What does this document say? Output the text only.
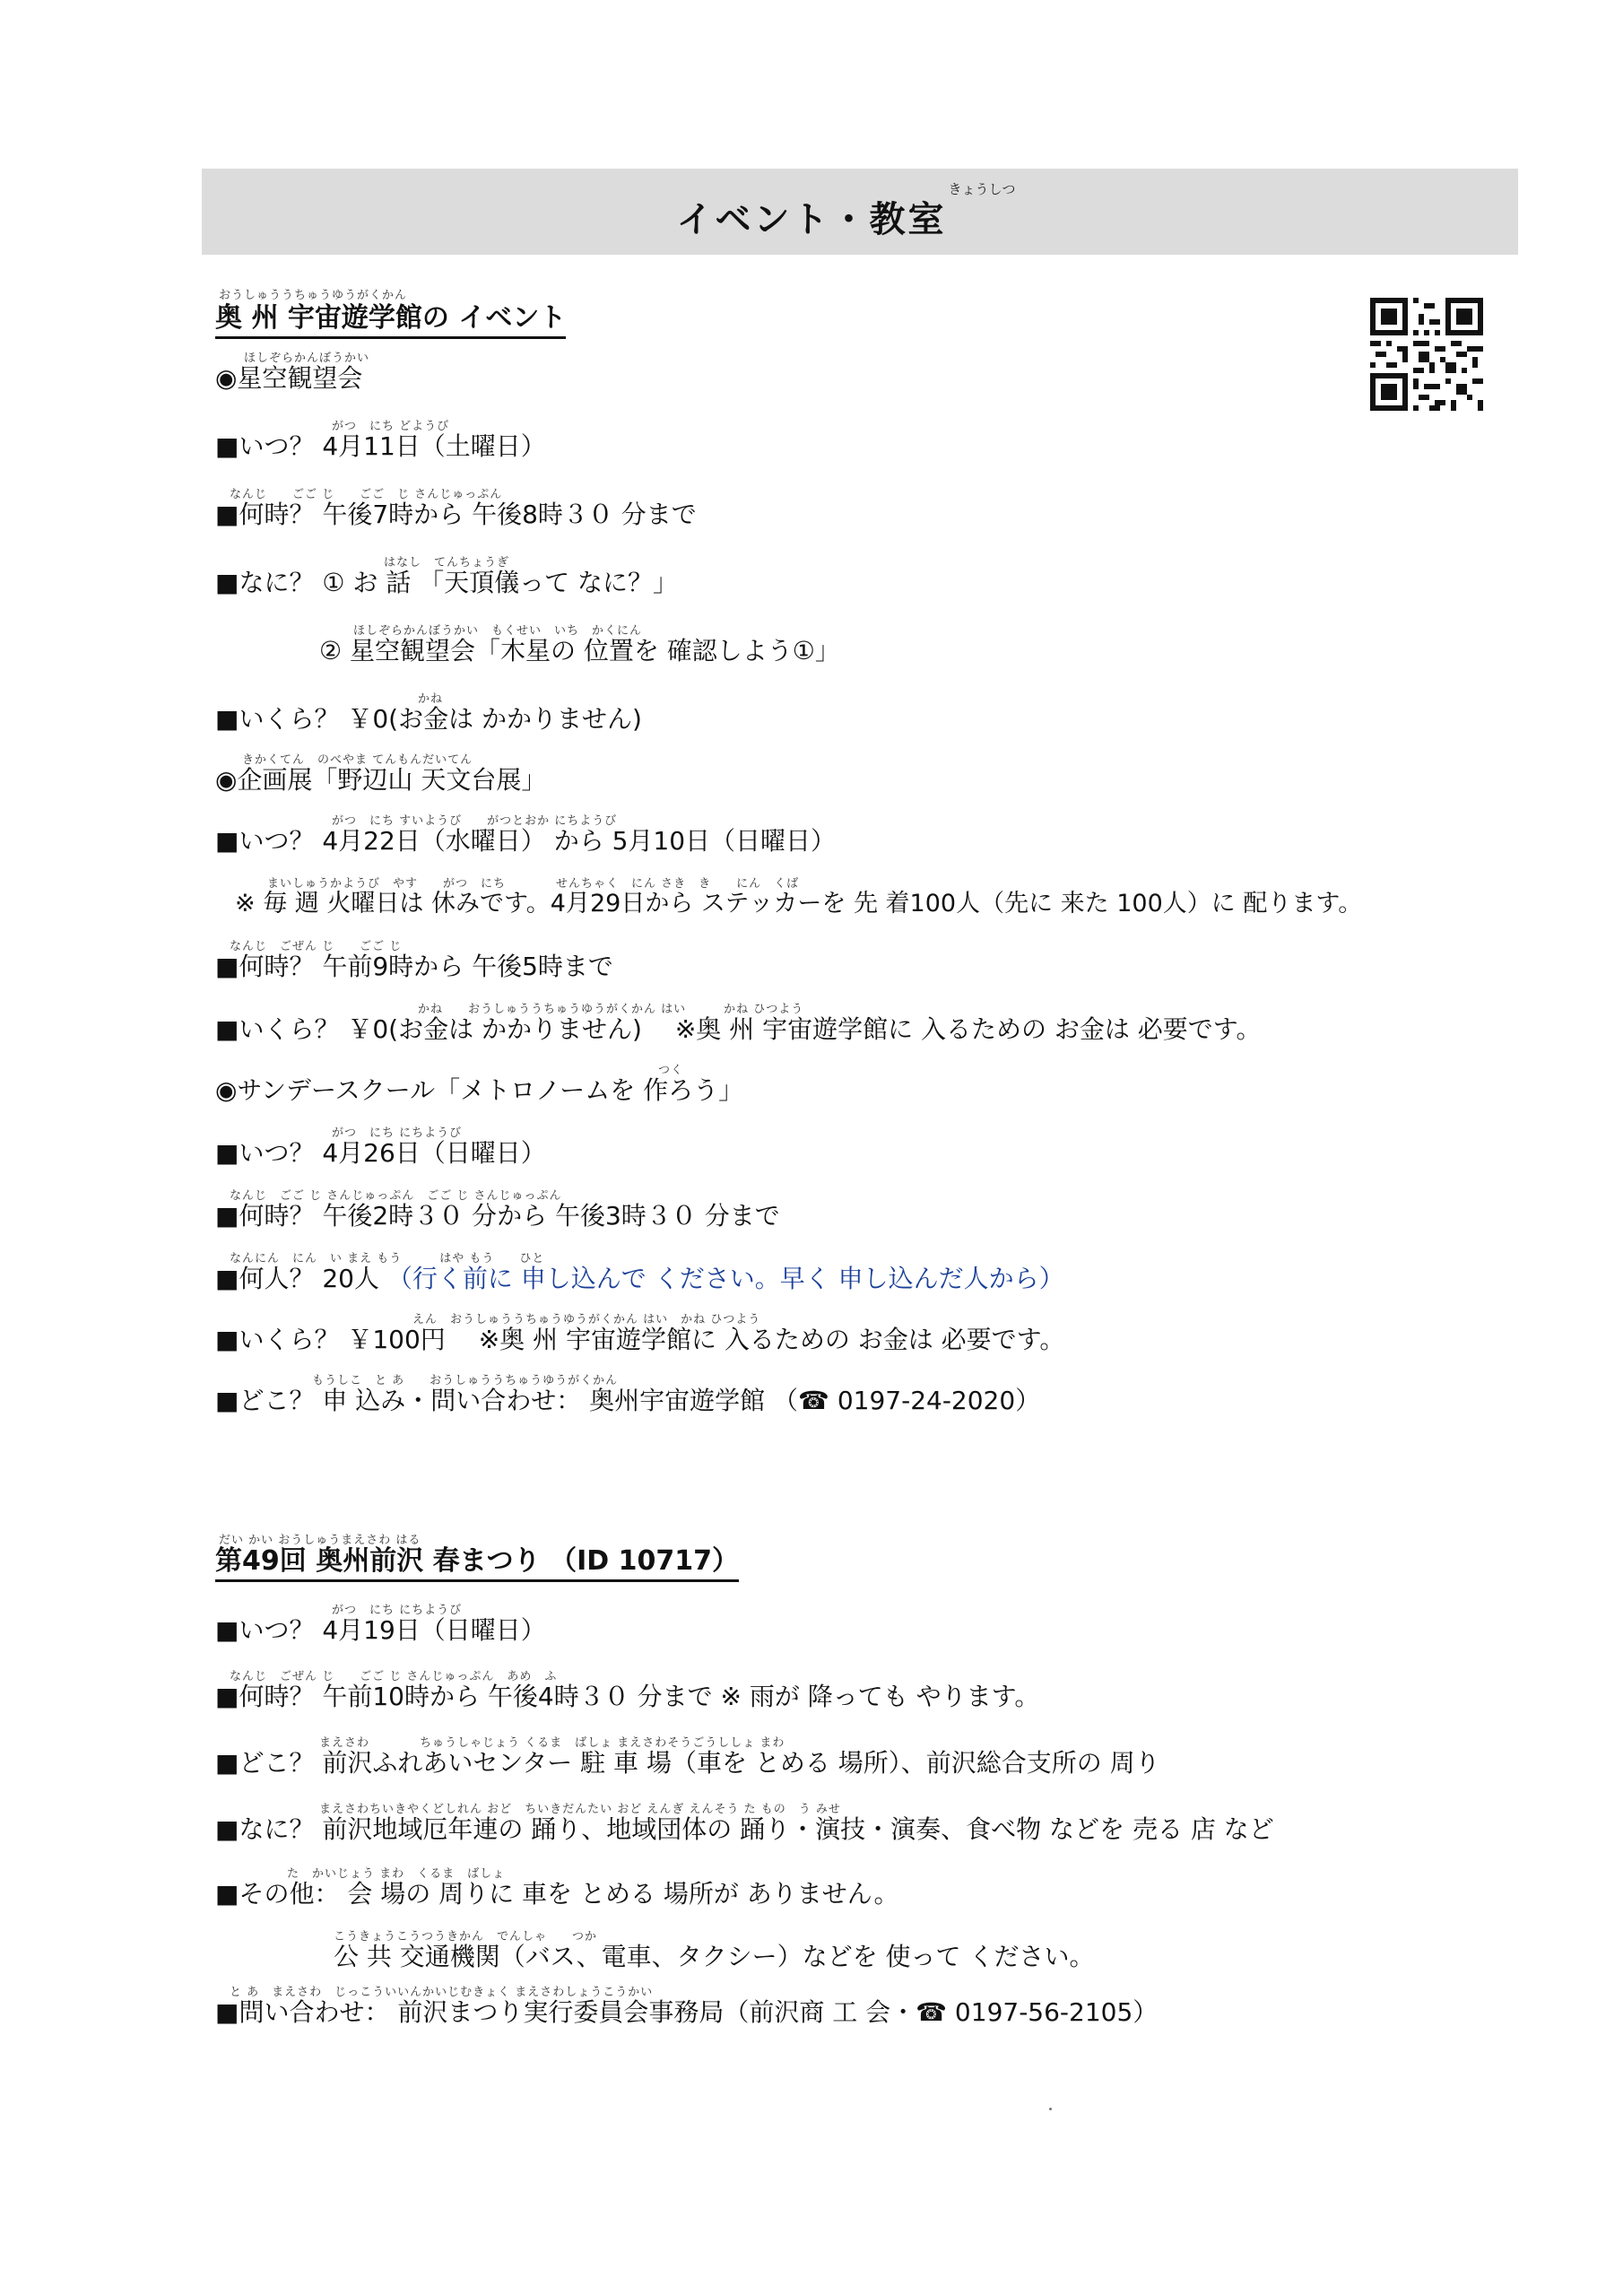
きょうしつ
イベント・教室
おうしゅううちゅうゆうがくかん
奥 州 宇宙遊学館の イベント
ほしぞらかんぼうかい
◉星空観望会
がつ　にち どようび
■いつ？ 4月11日（土曜日）
なんじ　　ごご じ　　ごご　じ さんじゅっぷん
■何時？ 午後7時から 午後8時３０ 分まで
はなし　てんちょうぎ
■なに？ ① お 話 「天頂儀って なに？」
ほしぞらかんぼうかい　もくせい　いち　かくにん
② 星空観望会「木星の 位置を 確認しよう①」
かね
■いくら？ ￥0(お金は かかりません)
きかくてん　のべやま てんもんだいてん
◉企画展「野辺山 天文台展」
がつ　にち すいようび　　がつとおか にちようび
■いつ？ 4月22日（水曜日） から 5月10日（日曜日）
まいしゅうかようび　やす　　がつ　にち　　　　せんちゃく　にん さき　き　　にん　くば
※ 毎 週 火曜日は 休みです。4月29日から ステッカーを 先 着100人（先に 来た 100人）に 配ります。
なんじ　ごぜん じ　　ごご じ
■何時？ 午前9時から 午後5時まで
かね　　おうしゅううちゅうゆうがくかん はい　　　かね ひつよう
■いくら？ ￥0(お金は かかりません)　 ※奥 州 宇宙遊学館に 入るための お金は 必要です。
つく
◉サンデースクール「メトロノームを 作ろう」
がつ　にち にちようび
■いつ？ 4月26日（日曜日）
なんじ　ごご じ さんじゅっぷん　ごご じ さんじゅっぷん
■何時？ 午後2時３０ 分から 午後3時３０ 分まで
なんにん　にん　い まえ もう　　　はや もう　　ひと
■何人？ 20人 （行く前に 申し込んで ください。早く 申し込んだ人から）
えん　おうしゅううちゅうゆうがくかん はい　かね ひつよう
■いくら？ ￥100円　 ※奥 州 宇宙遊学館に 入るための お金は 必要です。
もうしこ　と あ　　おうしゅううちゅうゆうがくかん
■どこ？ 申 込み・問い合わせ： 奥州宇宙遊学館 （☎ 0197-24-2020）
だい かい おうしゅうまえさわ はる
第49回 奥州前沢 春まつり （ID 10717）
がつ　にち にちようび
■いつ？ 4月19日（日曜日）
なんじ　ごぜん じ　　ごご じ さんじゅっぷん　あめ　ふ
■何時？ 午前10時から 午後4時３０ 分まで ※ 雨が 降っても やります。
まえさわ　　　　ちゅうしゃじょう くるま　ばしょ まえさわそうごうししょ まわ
■どこ？ 前沢ふれあいセンター 駐 車 場（車を とめる 場所）、前沢総合支所の 周り
まえさわちいきやくどしれん おど　ちいきだんたい おど えんぎ えんそう た もの　う みせ
■なに？ 前沢地域厄年連の 踊り、地域団体の 踊り・演技・演奏、食べ物 などを 売る 店 など
た　かいじょう まわ　くるま　ばしょ
■その他： 会 場の 周りに 車を とめる 場所が ありません。
こうきょうこうつうきかん　でんしゃ　　つか
公 共 交通機関（バス、電車、タクシー）などを 使って ください。
と あ　まえさわ　じっこういいんかいじむきょく まえさわしょうこうかい
■問い合わせ： 前沢まつり実行委員会事務局（前沢商 工 会・☎ 0197-56-2105）
